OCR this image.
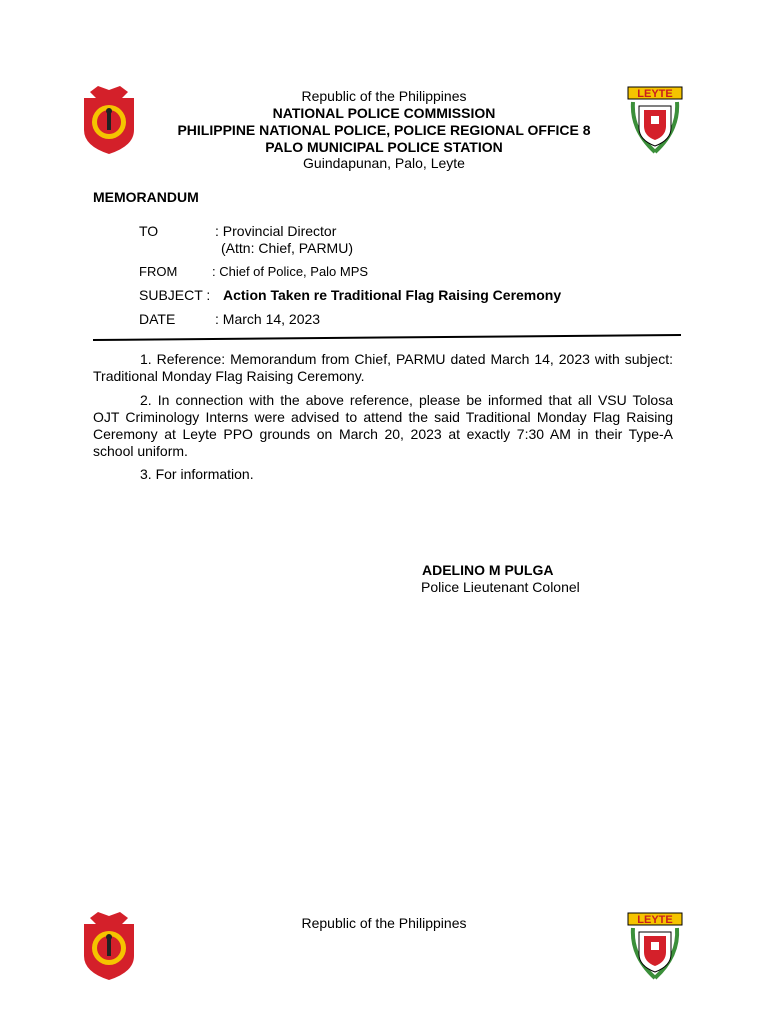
LEYTE
Republic of the Philippines
NATIONAL POLICE COMMISSION
PHILIPPINE NATIONAL POLICE, POLICE REGIONAL OFFICE 8
PALO MUNICIPAL POLICE STATION
Guindapunan, Palo, Leyte
MEMORANDUM
TO	: Provincial Director
(Attn: Chief, PARMU)
FROM	: Chief of Police, Palo MPS
SUBJECT : Action Taken re Traditional Flag Raising Ceremony
DATE	: March 14, 2023
1. Reference: Memorandum from Chief, PARMU dated March 14, 2023 with subject: Traditional Monday Flag Raising Ceremony.
2. In connection with the above reference, please be informed that all VSU Tolosa OJT Criminology Interns were advised to attend the said Traditional Monday Flag Raising Ceremony at Leyte PPO grounds on March 20, 2023 at exactly 7:30 AM in their Type-A school uniform.
3. For information.
ADELINO M PULGA
Police Lieutenant Colonel
LEYTE
Republic of the Philippines
